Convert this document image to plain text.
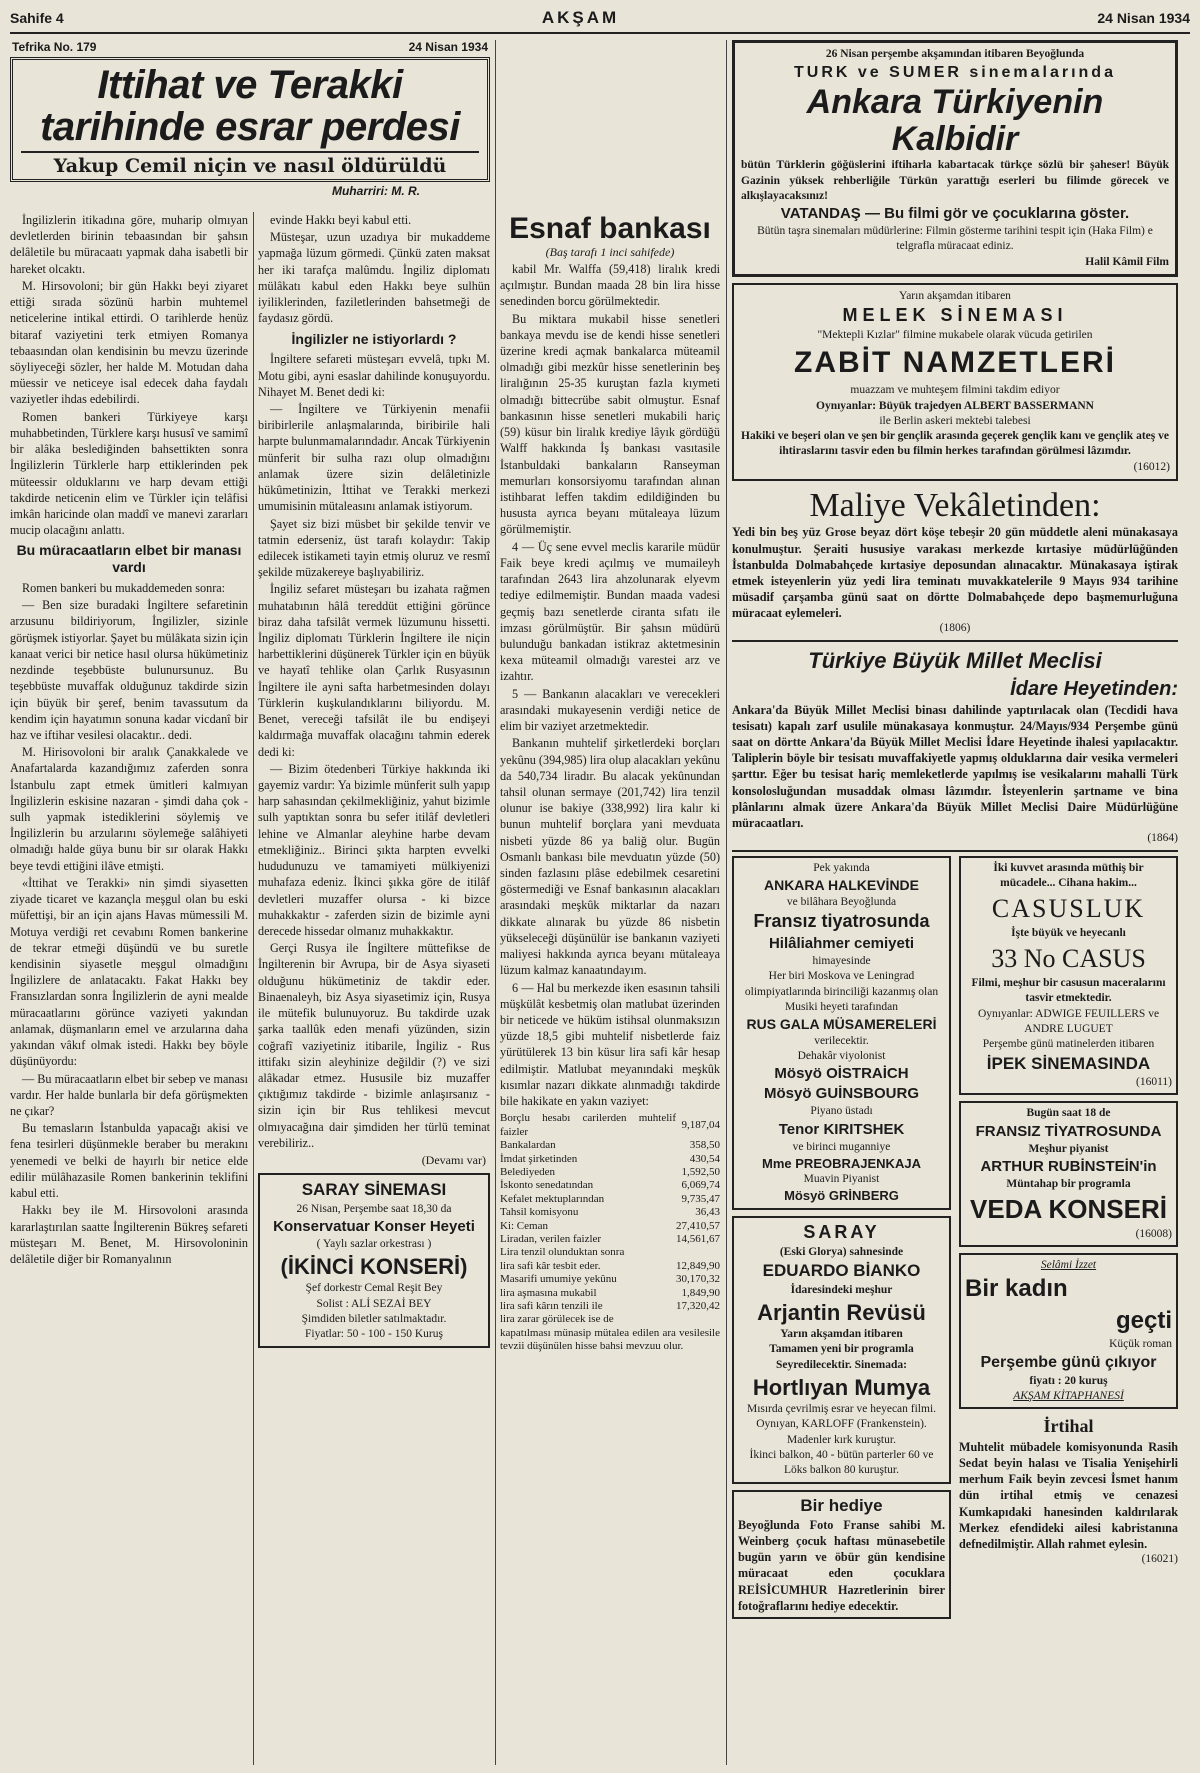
Sahife 4	AKŞAM	24 Nisan 1934
Tefrika No. 179	24 Nisan 1934
Ittihat ve Terakki
tarihinde esrar perdesi
Yakup Cemil niçin ve nasıl öldürüldü
Muharriri: M. R.

İngilizlerin itikadına göre, muharip olmıyan devletlerden birinin tebaasından bir şahsın delâletile bu müracaatı yapmak daha isabetli bir hareket olcaktı.

M. Hirsovoloni; bir gün Hakkı beyi ziyaret ettiği sırada sözünü harbin muhtemel neticelerine intikal ettirdi. O tarihlerde henüz bitaraf vaziyetini terk etmiyen Romanya tebaasından olan kendisinin bu mevzu üzerinde söyliyeceği sözler, her halde M. Motudan daha müessir ve neticeye isal edecek daha faydalı vaziyetler ihdas edebilirdi.

Romen bankeri Türkiyeye karşı muhabbetinden, Türklere karşı hususî ve samimî bir alâka beslediğinden bahsettikten sonra İngilizlerin Türklerle harp ettiklerinden pek müteessir olduklarını ve harp devam ettiği takdirde neticenin elim ve Türkler için telâfisi imkân haricinde olan maddî ve manevi zararları mucip olacağını anlattı.

Bu müracaatların elbet bir manası vardı

Romen bankeri bu mukaddemeden sonra:

— Ben size buradaki İngiltere sefaretinin arzusunu bildiriyorum, İngilizler, sizinle görüşmek istiyorlar. Şayet bu mülâkata sizin için kanaat verici bir netice hasıl olursa hükümetiniz nezdinde teşebbüste bulunursunuz. Bu teşebbüste muvaffak olduğunuz takdirde sizin için büyük bir şeref, benim tavassutum da kendim için hayatımın sonuna kadar vicdanî bir haz ve iftihar vesilesi olacaktır.. dedi.

M. Hirisovoloni bir aralık Çanakkalede ve Anafartalarda kazandığımız zaferden sonra İstanbulu zapt etmek ümitleri kalmıyan İngilizlerin eskisine nazaran - şimdi daha çok - sulh yapmak istediklerini söylemiş ve İngilizlerin bu arzularını söylemeğe salâhiyeti olmadığı halde güya bunu bir sır olarak Hakkı beye tevdi ettiğini ilâve etmişti.

«İttihat ve Terakki» nin şimdi siyasetten ziyade ticaret ve kazançla meşgul olan bu eski müfettişi, bir an için ajans Havas mümessili M. Motuya verdiği ret cevabını Romen bankerine de tekrar etmeği düşündü ve bu suretle kendisinin siyasetle meşgul olmadığını İngilizlere de anlatacaktı. Fakat Hakkı bey Fransızlardan sonra İngilizlerin de ayni mealde müracaatlarını görünce vaziyeti yakından anlamak, düşmanların emel ve arzularına daha yakından vâkıf olmak istedi. Hakkı bey böyle düşünüyordu:

— Bu müracaatların elbet bir sebep ve manası vardır. Her halde bunlarla bir defa görüşmekten ne çıkar?

Bu temasların İstanbulda yapacağı akisi ve fena tesirleri düşünmekle beraber bu merakını yenemedi ve belki de hayırlı bir netice elde edilir mülâhazasile Romen bankerinin teklifini kabul etti.

Hakkı bey ile M. Hirsovoloni arasında kararlaştırılan saatte İngilterenin Bükreş sefareti müsteşarı M. Benet, M. Hirsovoloninin delâletile diğer bir Romanyalının

evinde Hakkı beyi kabul etti.

Müsteşar, uzun uzadıya bir mukaddeme yapmağa lüzum görmedi. Çünkü zaten maksat her iki tarafça malûmdu. İngiliz diplomatı mülâkatı kabul eden Hakkı beye sulhün iyiliklerinden, faziletlerinden bahsetmeği de faydasız gördü.

İngilizler ne istiyorlardı ?

İngiltere sefareti müsteşarı evvelâ, tıpkı M. Motu gibi, ayni esaslar dahilinde konuşuyordu. Nihayet M. Benet dedi ki:

— İngiltere ve Türkiyenin menafii biribirlerile anlaşmalarında, biribirile hali harpte bulunmamalarındadır. Ancak Türkiyenin münferit bir sulha razı olup olmadığını anlamak üzere sizin delâletinizle hükûmetinizin, İttihat ve Terakki merkezi umumisinin mütaleasını anlamak istiyorum.

Şayet siz bizi müsbet bir şekilde tenvir ve tatmin ederseniz, üst tarafı kolaydır: Takip edilecek istikameti tayin etmiş oluruz ve resmî şekilde müzakereye başlıyabiliriz.

İngiliz sefaret müsteşarı bu izahata rağmen muhatabının hâlâ tereddüt ettiğini görünce biraz daha tafsilât vermek lüzumunu hissetti. İngiliz diplomatı Türklerin İngiltere ile niçin harbettiklerini düşünerek Türkler için en büyük ve hayatî tehlike olan Çarlık Rusyasının İngiltere ile ayni safta harbetmesinden dolayı Türklerin kuşkulandıklarını biliyordu. M. Benet, vereceği tafsilât ile bu endişeyi kaldırmağa muvaffak olacağını tahmin ederek dedi ki:

— Bizim ötedenberi Türkiye hakkında iki gayemiz vardır: Ya bizimle münferit sulh yapıp harp sahasından çekilmekliğiniz, yahut bizimle sulh yaptıktan sonra bu sefer itilâf devletleri lehine ve Almanlar aleyhine harbe devam etmekliğiniz.. Birinci şıkta harpten evvelki hududunuzu ve tamamiyeti mülkiyenizi muhafaza edeniz. İkinci şıkka göre de itilâf devletleri muzaffer olursa - ki bizce muhakkaktır - zaferden sizin de bizimle ayni derecede hissedar olmanız muhakkaktır.

Gerçi Rusya ile İngiltere müttefikse de İngilterenin bir Avrupa, bir de Asya siyaseti olduğunu hükümetiniz de takdir eder. Binaenaleyh, biz Asya siyasetimiz için, Rusya ile mütefik bulunuyoruz. Bu takdirde uzak şarka taallûk eden menafi yüzünden, sizin coğrafî vaziyetiniz itibarile, İngiliz - Rus ittifakı sizin aleyhinize değildir (?) ve sizi alâkadar etmez. Hususile biz muzaffer çıktığımız takdirde - bizimle anlaşırsanız - sizin için bir Rus tehlikesi mevcut olmıyacağına dair şimdiden her türlü teminat verebiliriz..

(Devamı var)
SARAY SİNEMASI
26 Nisan, Perşembe saat 18,30 da
Konservatuar Konser Heyeti
( Yaylı sazlar orkestrası )
(İKİNCİ KONSERİ)
Şef dorkestr Cemal Reşit Bey
Solist : ALİ SEZAİ BEY
Şimdiden biletler satılmaktadır.
Fiyatlar: 50 - 100 - 150 Kuruş
Esnaf bankası
(Baş tarafı 1 inci sahifede)

kabil Mr. Walffa (59,418) liralık kredi açılmıştır. Bundan maada 28 bin lira hisse senedinden borcu görülmektedir.

Bu miktara mukabil hisse senetleri bankaya mevdu ise de kendi hisse senetleri üzerine kredi açmak bankalarca müteamil olmadığı gibi mezkûr hisse senetlerinin beş liralığının 25-35 kuruştan fazla kıymeti olmadığı bittecrübe sabit olmuştur. Esnaf bankasının hisse senetleri mukabili hariç (59) küsur bin liralık krediye lâyık gördüğü Walff hakkında İş bankası vasıtasile İstanbuldaki bankaların Ranseyman memurları konsorsiyomu tarafından alınan istihbarat leffen takdim edildiğinden bu hususta ayrıca beyanı mütaleaya lüzum görülmemiştir.

4 — Üç sene evvel meclis kararile müdür Faik beye kredi açılmış ve mumaileyh tarafından 2643 lira ahzolunarak elyevm tediye edilmemiştir. Bundan maada vadesi geçmiş bazı senetlerde ciranta sıfatı ile imzası görülmüştür. Bir şahsın müdürü bulunduğu bankadan istikraz aktetmesinin kexa müteamil olmadığı varestei arz ve izahtır.

5 — Bankanın alacakları ve verecekleri arasındaki mukayesenin verdiği netice de elim bir vaziyet arzetmektedir.

Bankanın muhtelif şirketlerdeki borçları yekûnu (394,985) lira olup alacakları yekûnu da 540,734 liradır. Bu alacak yekûnundan tahsil olunan sermaye (201,742) lira tenzil olunur ise bakiye (338,992) lira kalır ki bunun muhtelif borçlara yani mevduata nisbeti yüzde 86 ya baliğ olur. Bugün Osmanlı bankası bile mevduatın yüzde (50) sinden fazlasını plâse edebilmek cesaretini göstermediği ve Esnaf bankasının alacakları arasındaki meşkûk miktarlar da nazarı dikkate alınarak bu yüzde 86 nisbetin yükseleceği düşünülür ise bankanın vaziyeti maliyesi hakkında ayrıca beyanı mütaleaya lüzum kalmaz kanaatındayım.

6 — Hal bu merkezde iken esasının tahsili müşkülât kesbetmiş olan matlubat üzerinden bir neticede ve hüküm istihsal olunmaksızın yüzde 18,5 gibi muhtelif nisbetlerde faiz yürütülerek 13 bin küsur lira safi kâr hesap edilmiştir. Matlubat meyanındaki meşkûk kısımlar nazarı dikkate alınmadığı takdirde bile hakikate en yakın vaziyet:

Borçlu hesabı carilerden muhtelif faizler	9,187,04
Bankalardan	358,50
İmdat şirketinden	430,54
Belediyeden	1,592,50
İskonto senedatından	6,069,74
Kefalet mektuplarından	9,735,47
Tahsil komisyonu	36,43
Ki: Ceman	27,410,57
Liradan, verilen faizler	14,561,67
Lira tenzil olunduktan sonra	
lira safi kâr tesbit eder.	12,849,90
Masarifi umumiye yekûnu	30,170,32
lira aşmasına mukabil	1,849,90
lira safi kârın tenzili ile	17,320,42
lira zarar görülecek ise de	
kapatılması münasip mütalea edilen ara vesilesile tevzii düşünülen hisse bahsi mevzuu olur.
26 Nisan perşembe akşamından itibaren Beyoğlunda
TURK ve SUMER sinemalarında
Ankara Türkiyenin Kalbidir
bütün Türklerin göğüslerini iftiharla kabartacak türkçe sözlü bir şaheser! Büyük Gazinin yüksek rehberliğile Türkün yarattığı eserleri bu filimde görecek ve alkışlayacaksınız!
VATANDAŞ — Bu filmi gör ve çocuklarına göster.
Bütün taşra sinemaları müdürlerine: Filmin gösterme tarihini tespit için (Haka Film) e telgrafla müracaat ediniz.
Halil Kâmil Film
Yarın akşamdan itibaren
MELEK SİNEMASI
"Mektepli Kızlar" filmine mukabele olarak vücuda getirilen
ZABİT NAMZETLERİ
muazzam ve muhteşem filmini takdim ediyor
Oynıyanlar: Büyük trajedyen ALBERT BASSERMANN
ile Berlin askeri mektebi talebesi
Hakiki ve beşeri olan ve şen bir gençlik arasında geçerek gençlik kanı ve gençlik ateş ve ihtiraslarını tasvir eden bu filmin herkes tarafından görülmesi lâzımdır.
(16012)
Maliye Vekâletinden:
Yedi bin beş yüz Grose beyaz dört köşe tebeşir 20 gün müddetle aleni münakasaya konulmuştur. Şeraiti hususiye varakası merkezde kırtasiye müdürlüğünden İstanbulda Dolmabahçede kırtasiye deposundan alınacaktır. Münakasaya iştirak etmek isteyenlerin yüz yedi lira teminatı muvakkatelerile 9 Mayıs 934 tarihine müsadif çarşamba günü saat on dörtte Dolmabahçede depo başmemurluğuna müracaat eylemeleri.
(1806)
Türkiye Büyük Millet Meclisi
İdare Heyetinden:
Ankara'da Büyük Millet Meclisi binası dahilinde yaptırılacak olan (Tecdidi hava tesisatı) kapalı zarf usulile münakasaya konmuştur. 24/Mayıs/934 Perşembe günü saat on dörtte Ankara'da Büyük Millet Meclisi İdare Heyetinde ihalesi yapılacaktır. Taliplerin böyle bir tesisatı muvaffakiyetle yapmış olduklarına dair vesika vermeleri şarttır. Eğer bu tesisat hariç memleketlerde yapılmış ise vesikalarını mahalli Türk konsolosluğundan musaddak olması lâzımdır. İsteyenlerin şartname ve bina plânlarını almak üzere Ankara'da Büyük Millet Meclisi Daire Müdürlüğüne müracaatları.
(1864)
Pek yakında
ANKARA HALKEVİNDE
ve bilâhara Beyoğlunda
Fransız tiyatrosunda
Hilâliahmer cemiyeti
himayesinde
Her biri Moskova ve Leningrad olimpiyatlarında birinciliği kazanmış olan
Musiki heyeti tarafından
RUS GALA MÜSAMERELERİ
verilecektir.
Dehakâr viyolonist
Mösyö OİSTRAİCH
Mösyö GUİNSBOURG
Piyano üstadı
Tenor KIRITSHEK
ve birinci muganniye
Mme PREOBRAJENKAJA
Muavin Piyanist
Mösyö GRİNBERG
SARAY
(Eski Glorya) sahnesinde
EDUARDO BİANKO
İdaresindeki meşhur
Arjantin Revüsü
Yarın akşamdan itibaren
Tamamen yeni bir programla
Seyredilecektir. Sinemada:
Hortlıyan Mumya
Mısırda çevrilmiş esrar ve heyecan filmi. Oynıyan, KARLOFF (Frankenstein). Madenler kırk kuruştur.
İkinci balkon, 40 - bütün parterler 60 ve Löks balkon 80 kuruştur.
Bir hediye
Beyoğlunda Foto Franse sahibi M. Weinberg çocuk haftası münasebetile bugün yarın ve öbür gün kendisine müracaat eden çocuklara REİSİCUMHUR Hazretlerinin birer fotoğraflarını hediye edecektir.
İki kuvvet arasında müthiş bir mücadele... Cihana hakim...
CASUSLUK
İşte büyük ve heyecanlı
33 No CASUS
Filmi, meşhur bir casusun maceralarını tasvir etmektedir.
Oynıyanlar: ADWIGE FEUILLERS ve ANDRE LUGUET
Perşembe günü matinelerden itibaren
İPEK SİNEMASINDA
(16011)
Bugün saat 18 de
FRANSIZ TİYATROSUNDA
Meşhur piyanist
ARTHUR RUBİNSTEİN'in
Müntahap bir programla
VEDA KONSERİ
(16008)
Selâmi İzzet
Bir kadın
geçti
Küçük roman
Perşembe günü çıkıyor
fiyatı : 20 kuruş
AKŞAM KİTAPHANESİ
İrtihal
Muhtelit mübadele komisyonunda Rasih Sedat beyin halası ve Tisalia Yenişehirli merhum Faik beyin zevcesi İsmet hanım dün irtihal etmiş ve cenazesi Kumkapıdaki hanesinden kaldırılarak Merkez efendideki ailesi kabristanına defnedilmiştir. Allah rahmet eylesin.
(16021)
